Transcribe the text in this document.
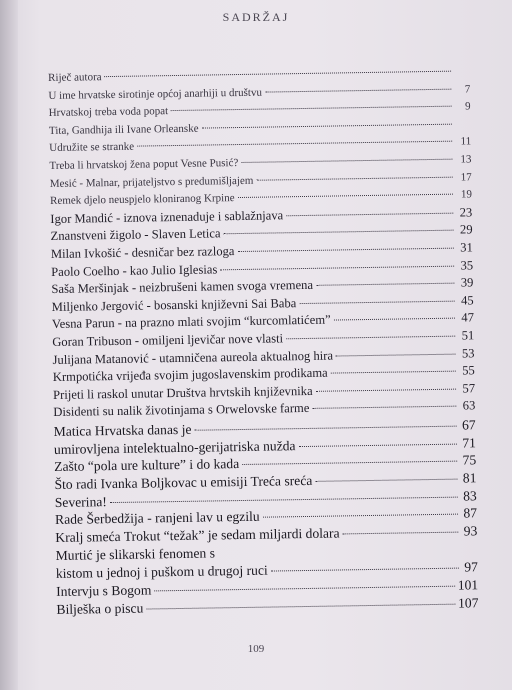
SADRŽAJ
Riječ autora
U ime hrvatske sirotinje općoj anarhiji u društvu	7
Hrvatskoj treba voda popat	9
Tita, Gandhija ili Ivane Orleanske
Udružite se stranke	11
Treba li hrvatskoj žena poput Vesne Pusić?	13
Mesić - Malnar, prijateljstvo s predumišljajem	17
Remek djelo neuspjelo kloniranog Krpine	19
Igor Mandić - iznova iznenaduje i sablažnjava	23
Znanstveni žigolo - Slaven Letica	29
Milan Ivkošić - desničar bez razloga	31
Paolo Coelho - kao Julio Iglesias	35
Saša Meršinjak - neizbrušeni kamen svoga vremena	39
Miljenko Jergović - bosanski književni Sai Baba	45
Vesna Parun - na prazno mlati svojim “kurcomlatićem”	47
Goran Tribuson - omiljeni ljevičar nove vlasti	51
Julijana Matanović - utamničena aureola aktualnog hira	53
Krmpotićka vrijeđa svojim jugoslavenskim prodikama	55
Prijeti li raskol unutar Društva hrvtskih književnika	57
Disidenti su nalik životinjama s Orwelovske farme	63
Matica Hrvatska danas je	67
umirovljena intelektualno-gerijatriska nužda	71
Zašto “pola ure kulture” i do kada	75
Što radi Ivanka Boljkovac u emisiji Treća sreća	81
Severina!	83
Rade Šerbedžija - ranjeni lav u egzilu	87
Kralj smeća Trokut “težak” je sedam miljardi dolara	93
Murtić je slikarski fenomen s
kistom u jednoj i puškom u drugoj ruci	97
Intervju s Bogom	101
Bilješka o piscu	107
109
